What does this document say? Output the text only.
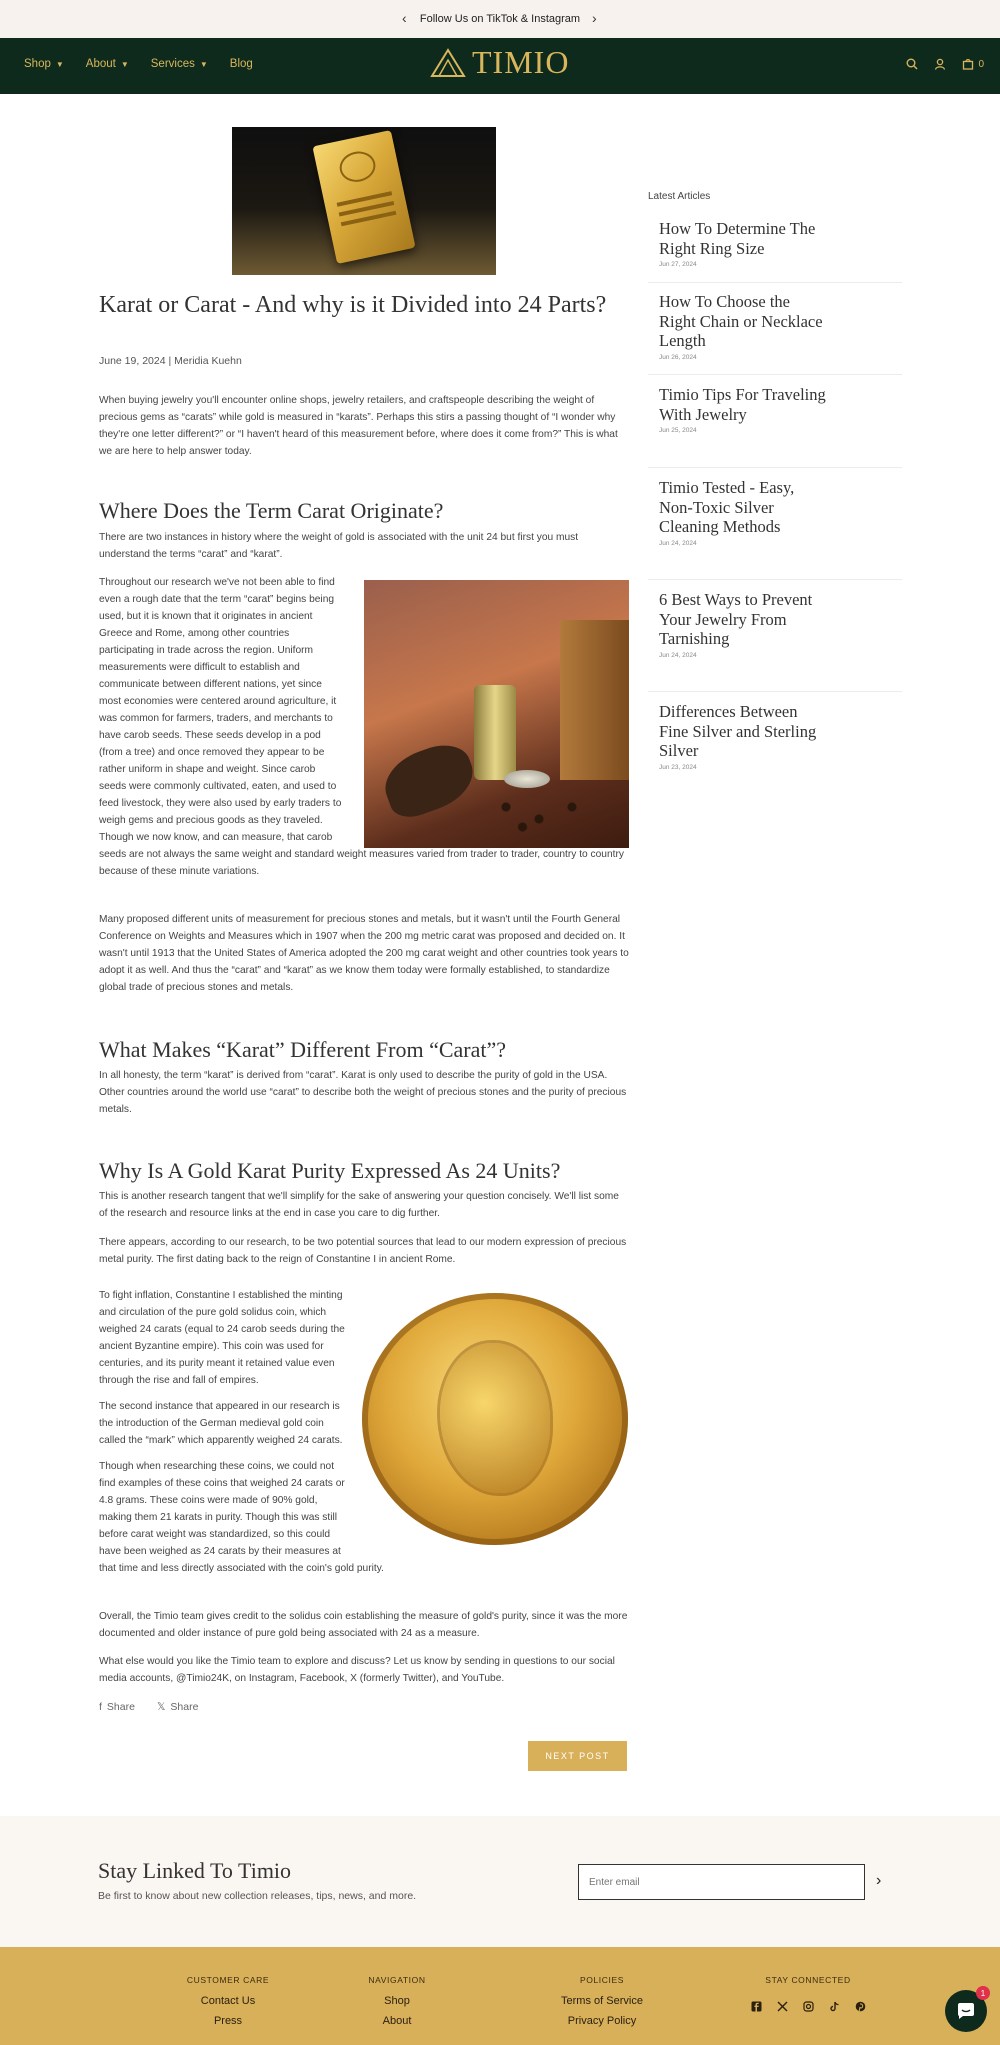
‹ Follow Us on TikTok & Instagram ›
Shop ▼ About ▼ Services ▼ Blog	TIMIO	0
Karat or Carat - And why is it Divided into 24 Parts?
June 19, 2024 | Meridia Kuehn

When buying jewelry you'll encounter online shops, jewelry retailers, and craftspeople describing the weight of precious gems as “carats” while gold is measured in “karats”. Perhaps this stirs a passing thought of “I wonder why they're one letter different?” or “I haven't heard of this measurement before, where does it come from?” This is what we are here to help answer today.

Where Does the Term Carat Originate?

There are two instances in history where the weight of gold is associated with the unit 24 but first you must understand the terms “carat” and “karat”.

Throughout our research we've not been able to find even a rough date that the term “carat” begins being used, but it is known that it originates in ancient Greece and Rome, among other countries participating in trade across the region. Uniform measurements were difficult to establish and communicate between different nations, yet since most economies were centered around agriculture, it was common for farmers, traders, and merchants to have carob seeds. These seeds develop in a pod (from a tree) and once removed they appear to be rather uniform in shape and weight. Since carob seeds were commonly cultivated, eaten, and used to feed livestock, they were also used by early traders to weigh gems and precious goods as they traveled. Though we now know, and can measure, that carob seeds are not always the same weight and standard weight measures varied from trader to trader, country to country because of these minute variations.

Many proposed different units of measurement for precious stones and metals, but it wasn't until the Fourth General Conference on Weights and Measures which in 1907 when the 200 mg metric carat was proposed and decided on. It wasn't until 1913 that the United States of America adopted the 200 mg carat weight and other countries took years to adopt it as well. And thus the “carat” and “karat” as we know them today were formally established, to standardize global trade of precious stones and metals.

What Makes “Karat” Different From “Carat”?

In all honesty, the term “karat” is derived from “carat”. Karat is only used to describe the purity of gold in the USA. Other countries around the world use “carat” to describe both the weight of precious stones and the purity of precious metals.

Why Is A Gold Karat Purity Expressed As 24 Units?

This is another research tangent that we'll simplify for the sake of answering your question concisely. We'll list some of the research and resource links at the end in case you care to dig further.

There appears, according to our research, to be two potential sources that lead to our modern expression of precious metal purity. The first dating back to the reign of Constantine I in ancient Rome.

To fight inflation, Constantine I established the minting and circulation of the pure gold solidus coin, which weighed 24 carats (equal to 24 carob seeds during the ancient Byzantine empire). This coin was used for centuries, and its purity meant it retained value even through the rise and fall of empires.

The second instance that appeared in our research is the introduction of the German medieval gold coin called the “mark” which apparently weighed 24 carats.

Though when researching these coins, we could not find examples of these coins that weighed 24 carats or 4.8 grams. These coins were made of 90% gold, making them 21 karats in purity. Though this was still before carat weight was standardized, so this could have been weighed as 24 carats by their measures at that time and less directly associated with the coin's gold purity.

Overall, the Timio team gives credit to the solidus coin establishing the measure of gold's purity, since it was the more documented and older instance of pure gold being associated with 24 as a measure.

What else would you like the Timio team to explore and discuss? Let us know by sending in questions to our social media accounts, @Timio24K, on Instagram, Facebook, X (formerly Twitter), and YouTube.

f Share 𝕏 Share
NEXT POST
Latest Articles
How To Determine The Right Ring Size
Jun 27, 2024
How To Choose the Right Chain or Necklace Length
Jun 26, 2024
Timio Tips For Traveling With Jewelry
Jun 25, 2024
Timio Tested - Easy, Non-Toxic Silver Cleaning Methods
Jun 24, 2024
6 Best Ways to Prevent Your Jewelry From Tarnishing
Jun 24, 2024
Differences Between Fine Silver and Sterling Silver
Jun 23, 2024
Stay Linked To Timio
Be first to know about new collection releases, tips, news, and more.
Enter email
›
CUSTOMER CARE
Contact Us
Press
NAVIGATION
Shop
About
POLICIES
Terms of Service
Privacy Policy
STAY CONNECTED
1
